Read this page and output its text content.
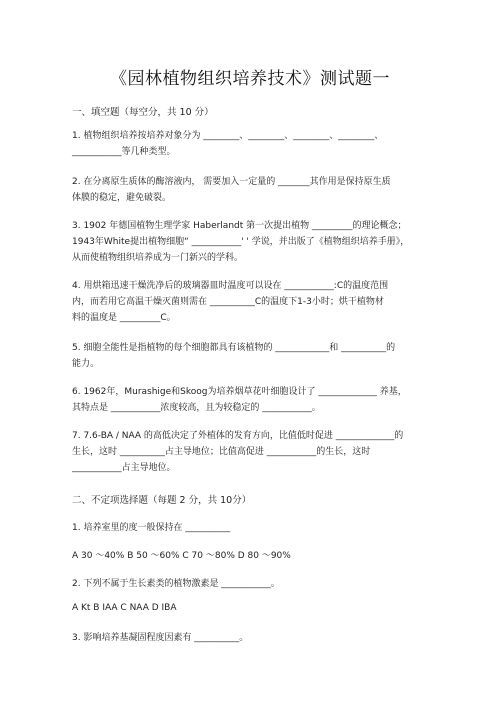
《园林植物组织培养技术》测试题一
一、填空题（每空分，共 10 分）
1. 植物组织培养按培养对象分为 ________、________、________、________、
___________等几种类型。
2. 在分离原生质体的酶溶液内， 需要加入一定量的 _______其作用是保持原生质
体膜的稳定，避免破裂。
3. 1902 年德国植物生理学家 Haberlandt 第一次提出植物 _________的理论概念；
1943年White提出植物细胞“ ___________' ' 学说，并出版了《植物组织培养手册》，
从而使植物组织培养成为一门新兴的学科。
4. 用烘箱迅速干燥洗净后的玻璃器皿时温度可以设在 ___________:C的温度范围
内，而若用它高温干燥灭菌则需在 __________C的温度下1-3小时；烘干植物材
料的温度是 _________C。
5. 细胞全能性是指植物的每个细胞都具有该植物的 ____________和 __________的
能力。
6. 1962年，Murashige和Skoog为培养烟草花叶细胞设计了 _____________ 养基，
其特点是 ___________浓度较高，且为较稳定的 ___________。
7. 7.6-BA / NAA 的高低决定了外植体的发育方向，比值低时促进 _____________的
生长，这时 __________占主导地位；比值高促进 ___________的生长，这时
___________占主导地位。
二、不定项选择题（每题 2 分，共 10分）
1. 培养室里的度一般保持在 __________
A 30 ～40% B 50 ～60% C 70 ～80% D 80 ～90%
2. 下列不属于生长素类的植物激素是 ___________。
A Kt B IAA C NAA D IBA
3. 影响培养基凝固程度因素有 __________。
